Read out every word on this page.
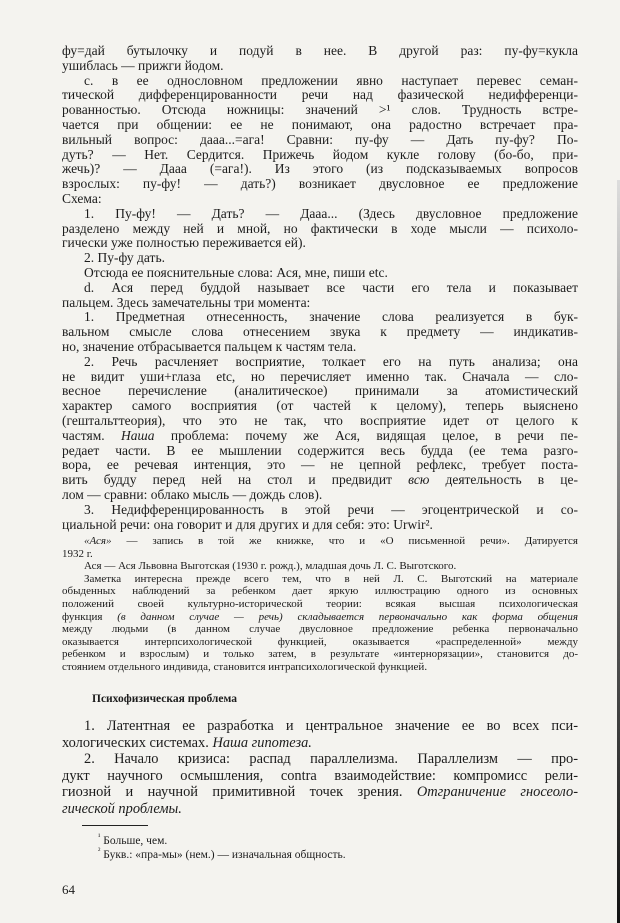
фу=дай бутылочку и подуй в нее. В другой раз: пу-фу=кукла
ушиблась — прижги йодом.
с. в ее однословном предложении явно наступает перевес семан-
тической дифференцированности речи над фазической недифференци-
рованностью. Отсюда ножницы: значений >¹ слов. Трудность встре-
чается при общении: ее не понимают, она радостно встречает пра-
вильный вопрос: дааа...=ага! Сравни: пу-фу — Дать пу-фу? По-
дуть? — Нет. Сердится. Прижечь йодом кукле голову (бо-бо, при-
жечь)? — Дааа (=ага!). Из этого (из подсказываемых вопросов
взрослых: пу-фу! — дать?) возникает двусловное ее предложение
Схема:
1. Пу-фу! — Дать? — Дааа... (Здесь двусловное предложение
разделено между ней и мной, но фактически в ходе мысли — психоло-
гически уже полностью переживается ей).
2. Пу-фу дать.
Отсюда ее пояснительные слова: Ася, мне, пиши etc.
d. Ася перед буддой называет все части его тела и показывает
пальцем. Здесь замечательны три момента:
1. Предметная отнесенность, значение слова реализуется в бук-
вальном смысле слова отнесением звука к предмету — индикатив-
но, значение отбрасывается пальцем к частям тела.
2. Речь расчленяет восприятие, толкает его на путь анализа; она
не видит уши+глаза etc, но перечисляет именно так. Сначала — сло-
весное перечисление (аналитическое) принимали за атомистический
характер самого восприятия (от частей к целому), теперь выяснено
(гештальттеория), что это не так, что восприятие идет от целого к
частям. Наша проблема: почему же Ася, видящая целое, в речи пе-
редает части. В ее мышлении содержится весь будда (ее тема разго-
вора, ее речевая интенция, это — не цепной рефлекс, требует поста-
вить будду перед ней на стол и предвидит всю деятельность в це-
лом — сравни: облако мысль — дождь слов).
3. Недифференцированность в этой речи — эгоцентрической и со-
циальной речи: она говорит и для других и для себя: это: Urwir².
«Ася» — запись в той же книжке, что и «О письменной речи». Датируется
1932 г.
Ася — Ася Львовна Выготская (1930 г. рожд.), младшая дочь Л. С. Выготского.
Заметка интересна прежде всего тем, что в ней Л. С. Выготский на материале
обыденных наблюдений за ребенком дает яркую иллюстрацию одного из основных
положений своей культурно-исторической теории: всякая высшая психологическая
функция (в данном случае — речь) складывается первоначально как форма общения
между людьми (в данном случае двусловное предложение ребенка первоначально
оказывается интерпсихологической функцией, оказывается «распределенной» между
ребенком и взрослым) и только затем, в результате «интернорязации», становится до-
стоянием отдельного индивида, становится интрапсихологической функцией.
Психофизическая проблема
1. Латентная ее разработка и центральное значение ее во всех пси-
хологических системах. Наша гипотеза.
2. Начало кризиса: распад параллелизма. Параллелизм — про-
дукт научного осмышления, contra взаимодействие: компромисс рели-
гиозной и научной примитивной точек зрения. Отграничение гносеоло-
гической проблемы.
$^{^1}$ Больше, чем.
$^{^2}$ Букв.: «пра-мы» (нем.) — изначальная общность.
64
